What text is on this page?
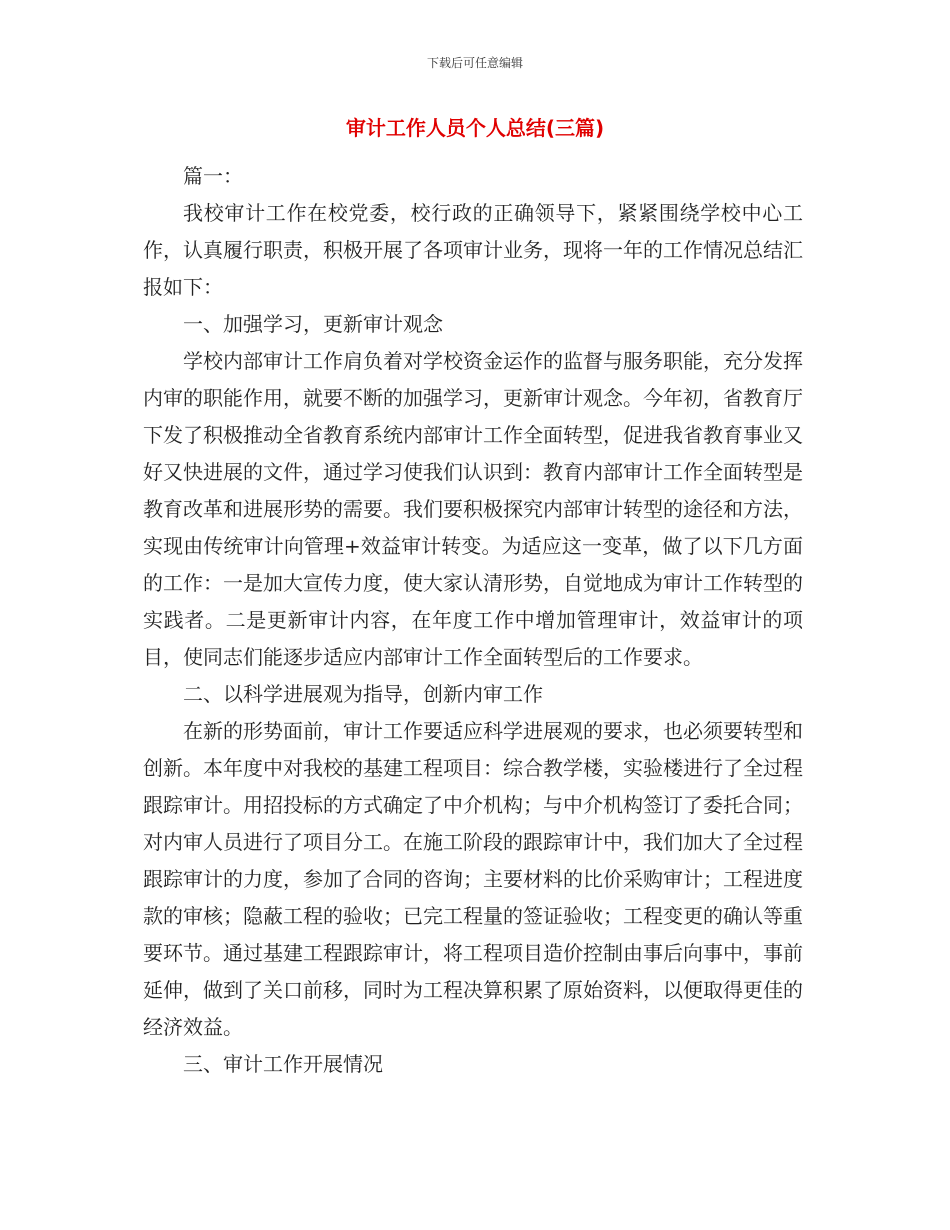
下载后可任意编辑
审计工作人员个人总结(三篇)

篇一：

我校审计工作在校党委，校行政的正确领导下，紧紧围绕学校中心工作，认真履行职责，积极开展了各项审计业务，现将一年的工作情况总结汇报如下：

一、加强学习，更新审计观念

学校内部审计工作肩负着对学校资金运作的监督与服务职能，充分发挥内审的职能作用，就要不断的加强学习，更新审计观念。今年初，省教育厅下发了积极推动全省教育系统内部审计工作全面转型，促进我省教育事业又好又快进展的文件，通过学习使我们认识到：教育内部审计工作全面转型是教育改革和进展形势的需要。我们要积极探究内部审计转型的途径和方法，实现由传统审计向管理+效益审计转变。为适应这一变革，做了以下几方面的工作：一是加大宣传力度，使大家认清形势，自觉地成为审计工作转型的实践者。二是更新审计内容，在年度工作中增加管理审计，效益审计的项目，使同志们能逐步适应内部审计工作全面转型后的工作要求。

二、以科学进展观为指导，创新内审工作

在新的形势面前，审计工作要适应科学进展观的要求，也必须要转型和创新。本年度中对我校的基建工程项目：综合教学楼，实验楼进行了全过程跟踪审计。用招投标的方式确定了中介机构；与中介机构签订了委托合同；对内审人员进行了项目分工。在施工阶段的跟踪审计中，我们加大了全过程跟踪审计的力度，参加了合同的咨询；主要材料的比价采购审计；工程进度款的审核；隐蔽工程的验收；已完工程量的签证验收；工程变更的确认等重要环节。通过基建工程跟踪审计，将工程项目造价控制由事后向事中，事前延伸，做到了关口前移，同时为工程决算积累了原始资料，以便取得更佳的经济效益。

三、审计工作开展情况
